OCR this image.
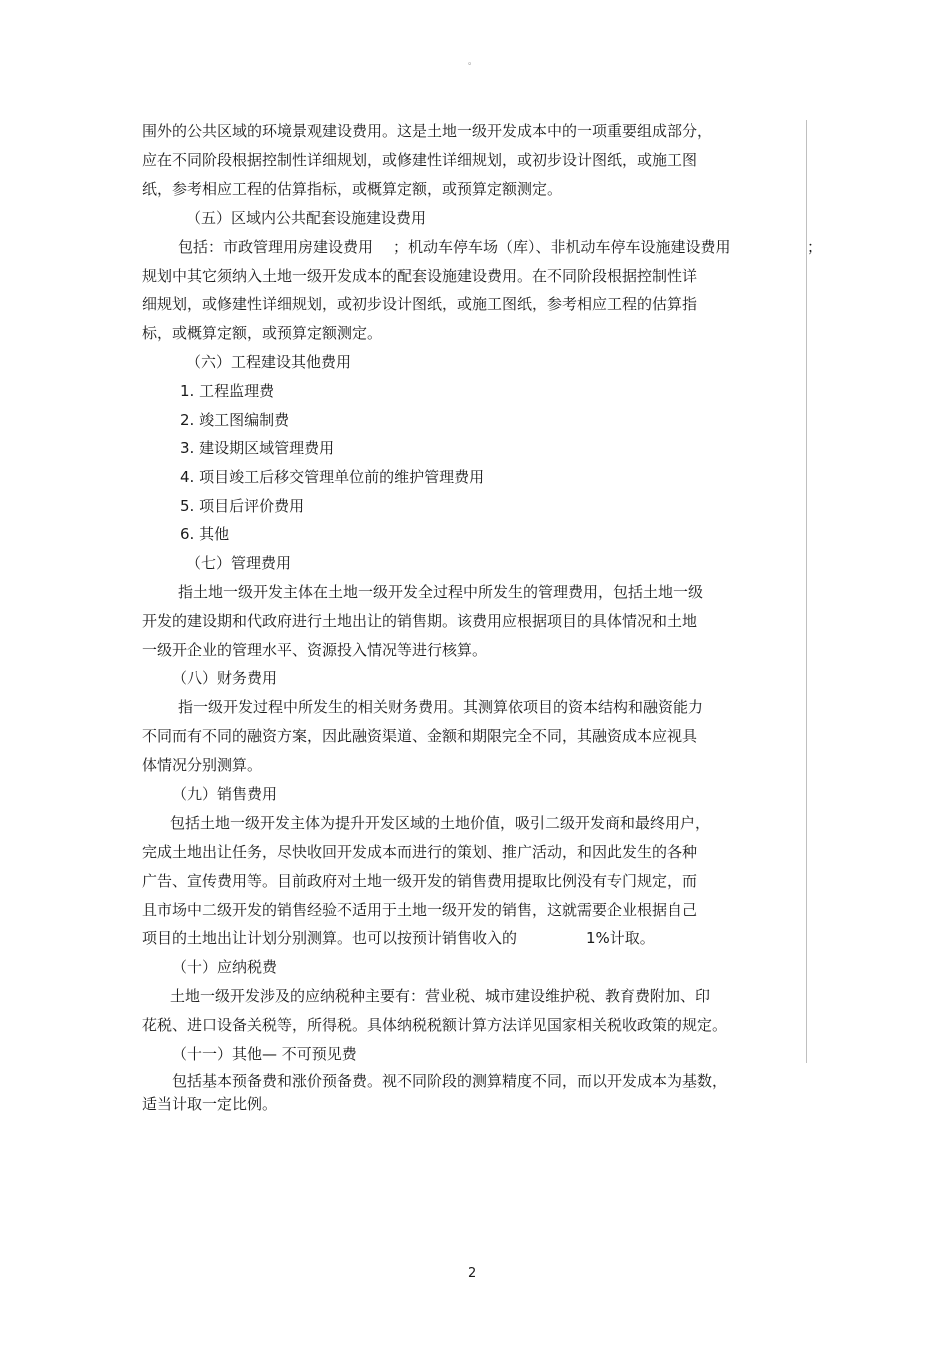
。
围外的公共区域的环境景观建设费用。这是土地一级开发成本中的一项重要组成部分，
应在不同阶段根据控制性详细规划，或修建性详细规划，或初步设计图纸，或施工图
纸，参考相应工程的估算指标，或概算定额，或预算定额测定。
（五）区域内公共配套设施建设费用
包括：市政管理用房建设费用 ；机动车停车场（库）、非机动车停车设施建设费用	；
规划中其它须纳入土地一级开发成本的配套设施建设费用。在不同阶段根据控制性详
细规划，或修建性详细规划，或初步设计图纸，或施工图纸，参考相应工程的估算指
标，或概算定额，或预算定额测定。
（六）工程建设其他费用
1. 工程监理费
2. 竣工图编制费
3. 建设期区域管理费用
4. 项目竣工后移交管理单位前的维护管理费用
5. 项目后评价费用
6. 其他
（七）管理费用
指土地一级开发主体在土地一级开发全过程中所发生的管理费用，包括土地一级
开发的建设期和代政府进行土地出让的销售期。该费用应根据项目的具体情况和土地
一级开企业的管理水平、资源投入情况等进行核算。
（八）财务费用
指一级开发过程中所发生的相关财务费用。其测算依项目的资本结构和融资能力
不同而有不同的融资方案，因此融资渠道、金额和期限完全不同，其融资成本应视具
体情况分别测算。
（九）销售费用
包括土地一级开发主体为提升开发区域的土地价值，吸引二级开发商和最终用户，
完成土地出让任务，尽快收回开发成本而进行的策划、推广活动，和因此发生的各种
广告、宣传费用等。目前政府对土地一级开发的销售费用提取比例没有专门规定，而
且市场中二级开发的销售经验不适用于土地一级开发的销售，这就需要企业根据自己
项目的土地出让计划分别测算。也可以按预计销售收入的	1%计取。
（十）应纳税费
土地一级开发涉及的应纳税种主要有：营业税、城市建设维护税、教育费附加、印
花税、进口设备关税等，所得税。具体纳税税额计算方法详见国家相关税收政策的规定。
（十一）其他— 不可预见费
包括基本预备费和涨价预备费。视不同阶段的测算精度不同，而以开发成本为基数，
适当计取一定比例。
2
